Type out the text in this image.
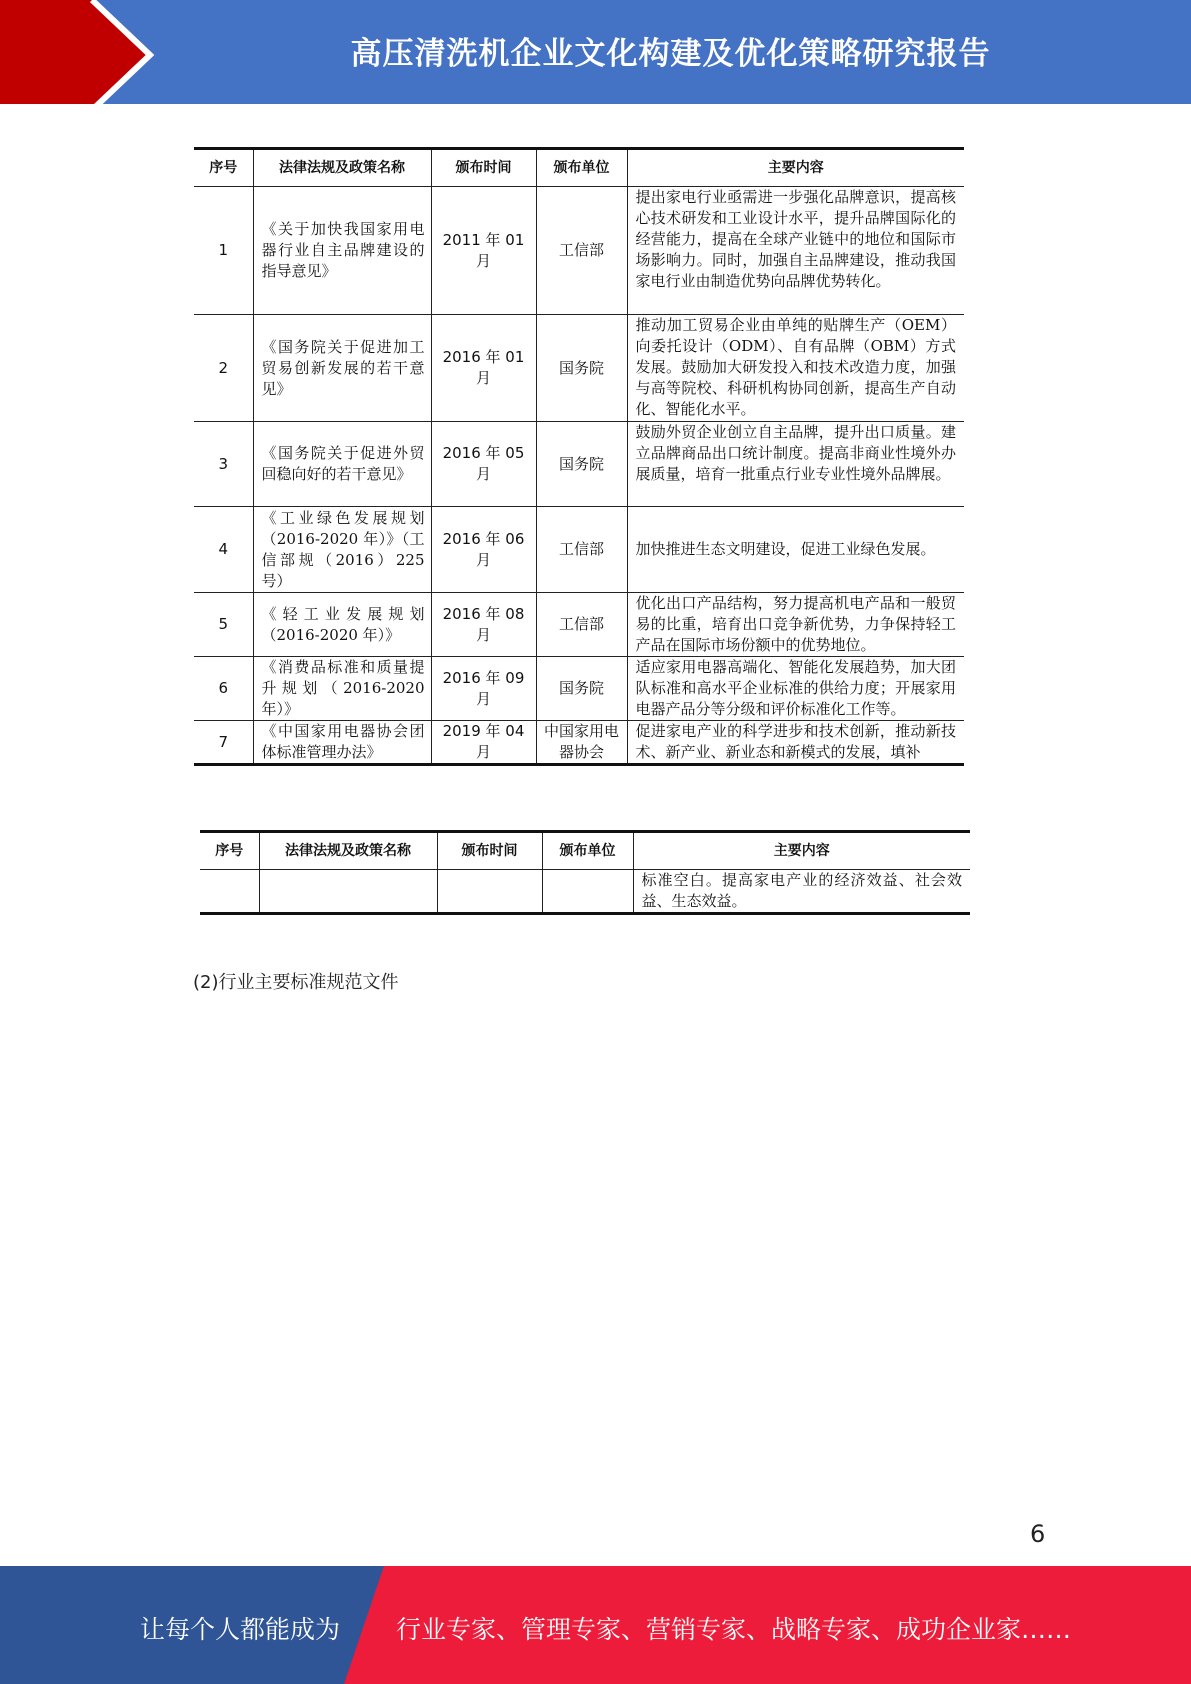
高压清洗机企业文化构建及优化策略研究报告
序号	法律法规及政策名称	颁布时间	颁布单位	主要内容
1	《关于加快我国家用电器行业自主品牌建设的指导意见》	2011 年 01 月	工信部	提出家电行业亟需进一步强化品牌意识，提高核心技术研发和工业设计水平，提升品牌国际化的经营能力，提高在全球产业链中的地位和国际市场影响力。同时，加强自主品牌建设，推动我国家电行业由制造优势向品牌优势转化。
2	《国务院关于促进加工贸易创新发展的若干意见》	2016 年 01 月	国务院	推动加工贸易企业由单纯的贴牌生产（OEM）向委托设计（ODM）、自有品牌（OBM）方式发展。鼓励加大研发投入和技术改造力度，加强与高等院校、科研机构协同创新，提高生产自动化、智能化水平。
3	《国务院关于促进外贸回稳向好的若干意见》	2016 年 05 月	国务院	鼓励外贸企业创立自主品牌，提升出口质量。建立品牌商品出口统计制度。提高非商业性境外办展质量，培育一批重点行业专业性境外品牌展。
4	《工业绿色发展规划（2016-2020 年）》（工信部规（2016）225 号）	2016 年 06 月	工信部	加快推进生态文明建设，促进工业绿色发展。
5	《轻工业发展规划（2016-2020 年）》	2016 年 08 月	工信部	优化出口产品结构，努力提高机电产品和一般贸易的比重，培育出口竞争新优势，力争保持轻工产品在国际市场份额中的优势地位。
6	《消费品标准和质量提升规划（2016-2020 年）》	2016 年 09 月	国务院	适应家用电器高端化、智能化发展趋势，加大团队标准和高水平企业标准的供给力度；开展家用电器产品分等分级和评价标准化工作等。
7	《中国家用电器协会团体标准管理办法》	2019 年 04 月	中国家用电器协会	促进家电产业的科学进步和技术创新，推动新技术、新产业、新业态和新模式的发展，填补
序号	法律法规及政策名称	颁布时间	颁布单位	主要内容
				标准空白。提高家电产业的经济效益、社会效益、生态效益。
(2)行业主要标准规范文件
6
让每个人都能成为 行业专家、管理专家、营销专家、战略专家、成功企业家……
